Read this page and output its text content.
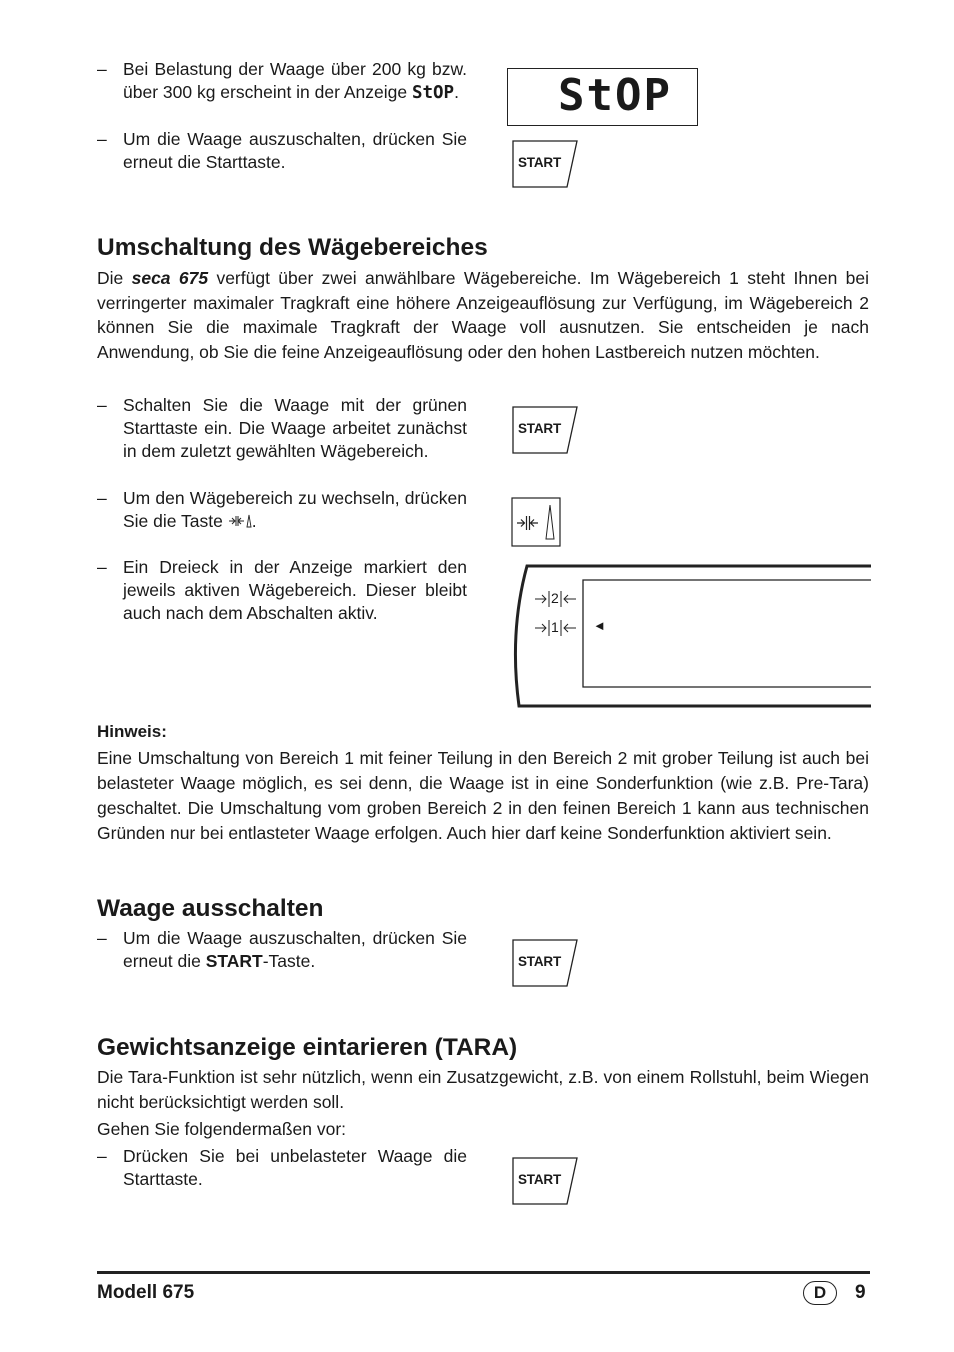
– Bei Belastung der Waage über 200 kg bzw. über 300 kg erscheint in der Anzeige StOP.
– Um die Waage auszuschalten, drücken Sie erneut die Starttaste.
StOP
START
Umschaltung des Wägebereiches
Die seca 675 verfügt über zwei anwählbare Wägebereiche. Im Wägebereich 1 steht Ihnen bei verringerter maximaler Tragkraft eine höhere Anzeigeauflösung zur Verfügung, im Wägebereich 2 können Sie die maximale Tragkraft der Waage voll ausnutzen. Sie entscheiden je nach Anwendung, ob Sie die feine Anzeigeauflösung oder den hohen Lastbereich nutzen möchten.
– Schalten Sie die Waage mit der grünen Starttaste ein. Die Waage arbeitet zunächst in dem zuletzt gewählten Wägebereich.
– Um den Wägebereich zu wechseln, drücken Sie die Taste .
– Ein Dreieck in der Anzeige markiert den jeweils aktiven Wägebereich. Dieser bleibt auch nach dem Abschalten aktiv.
START
2
1	◄
Hinweis:
Eine Umschaltung von Bereich 1 mit feiner Teilung in den Bereich 2 mit grober Teilung ist auch bei belasteter Waage möglich, es sei denn, die Waage ist in eine Sonderfunktion (wie z.B. Pre-Tara) geschaltet. Die Umschaltung vom groben Bereich 2 in den feinen Bereich 1 kann aus technischen Gründen nur bei entlasteter Waage erfolgen. Auch hier darf keine Sonderfunktion aktiviert sein.
Waage ausschalten
– Um die Waage auszuschalten, drücken Sie erneut die START-Taste.	START
Gewichtsanzeige eintarieren (TARA)
Die Tara-Funktion ist sehr nützlich, wenn ein Zusatzgewicht, z.B. von einem Rollstuhl, beim Wiegen nicht berücksichtigt werden soll.
Gehen Sie folgendermaßen vor:
– Drücken Sie bei unbelasteter Waage die Starttaste.	START
Modell 675	D	9
